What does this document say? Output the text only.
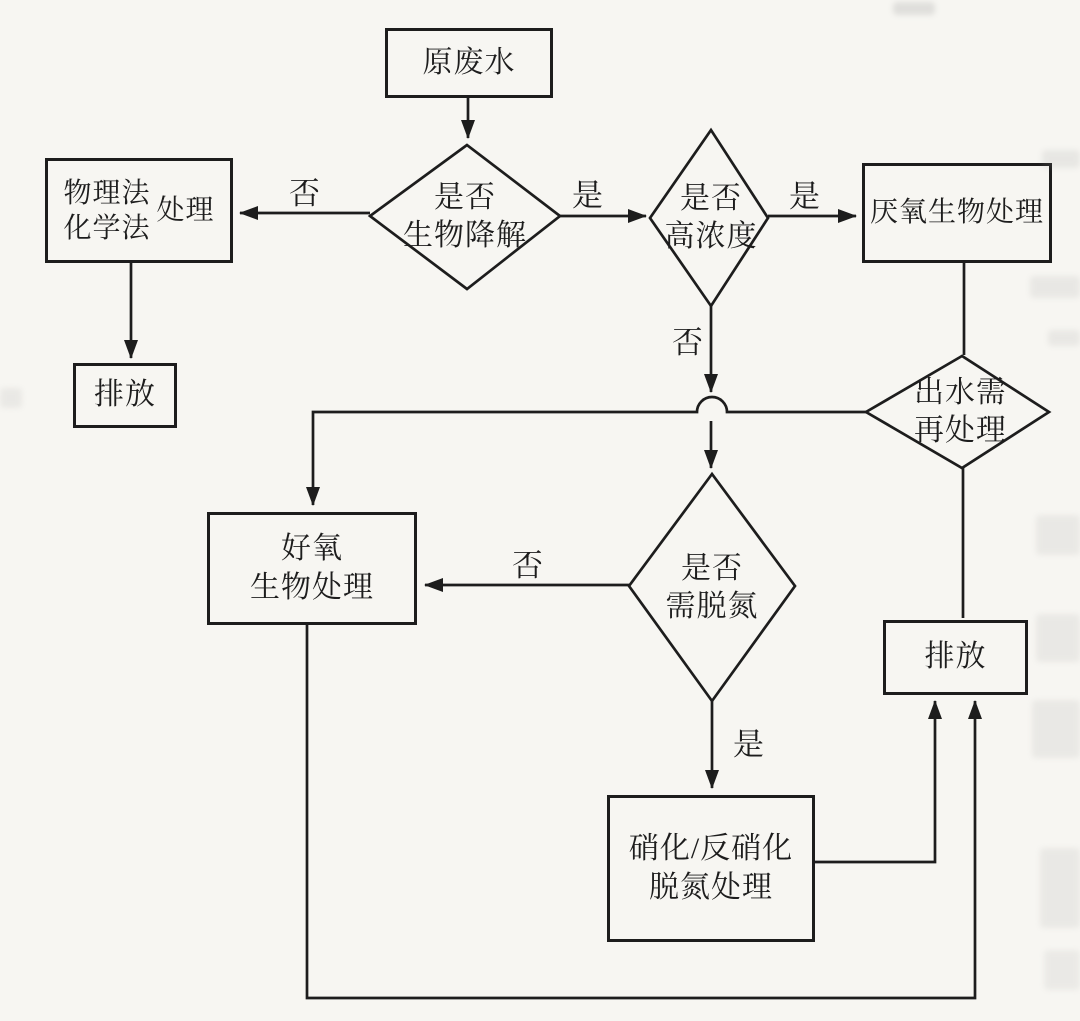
原废水
物理法
化学法
处理
排放
厌氧生物处理
好氧
生物处理
排放
硝化/反硝化
脱氮处理
是否
生物降解
是否
高浓度
出水需
再处理
是否
需脱氮
否	是	是
否
否
是
